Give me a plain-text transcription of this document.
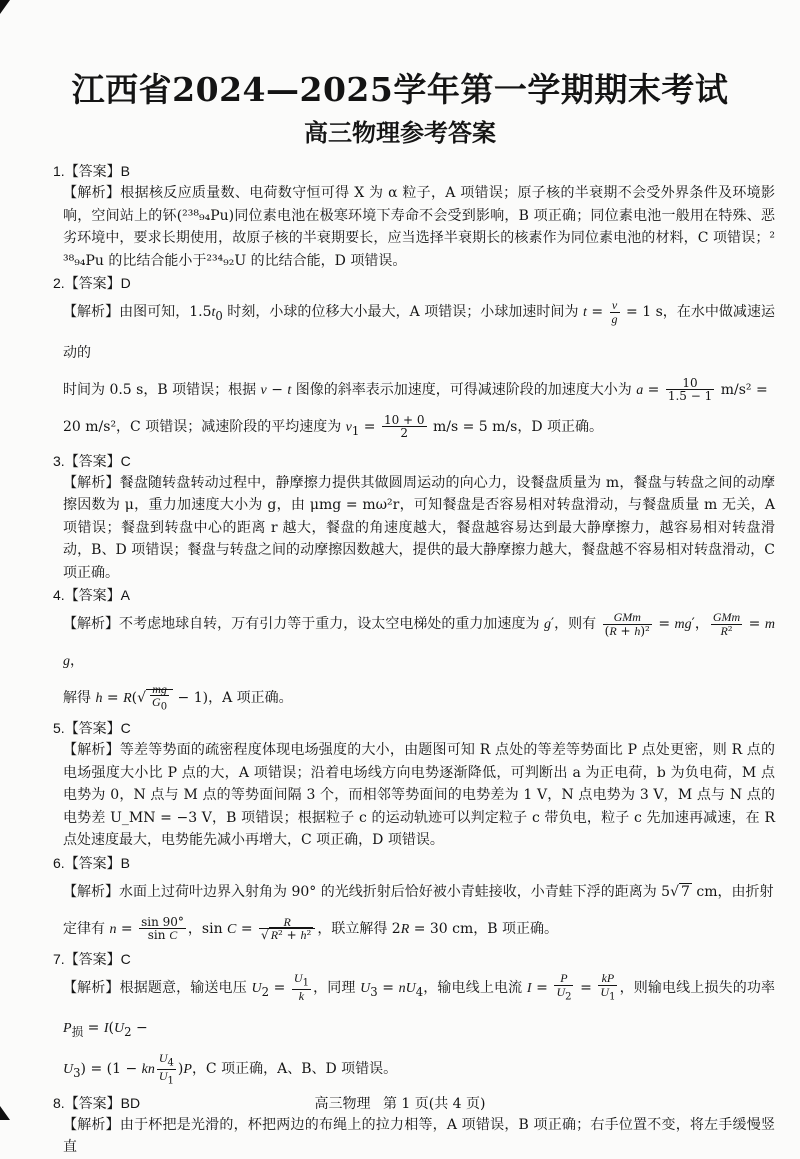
江西省2024—2025学年第一学期期末考试
高三物理参考答案
1.【答案】B
【解析】根据核反应质量数、电荷数守恒可得 X 为 α 粒子，A 项错误；原子核的半衰期不会受外界条件及环境影响，空间站上的钚(²³⁸₉₄Pu)同位素电池在极寒环境下寿命不会受到影响，B 项正确；同位素电池一般用在特殊、恶劣环境中，要求长期使用，故原子核的半衰期要长，应当选择半衰期长的核素作为同位素电池的材料，C 项错误；²³⁸₉₄Pu 的比结合能小于²³⁴₉₂U 的比结合能，D 项错误。
2.【答案】D

【解析】由图可知，$1.5t_0$ 时刻，小球的位移大小最大，A 项错误；小球加速时间为 $t = \frac{v}{g} = 1$ s，在水中做减速运动的

时间为 0.5 s，B 项错误；根据 v − t 图像的斜率表示加速度，可得减速阶段的加速度大小为 $a = \frac{10}{1.5 - 1} m/s^2$ =

20 m/s²，C 项错误；减速阶段的平均速度为 $v_1 = \frac{10 + 0}{2} m/s = 5$ m/s，D 项正确。

3.【答案】C
【解析】餐盘随转盘转动过程中，静摩擦力提供其做圆周运动的向心力，设餐盘质量为 m，餐盘与转盘之间的动摩擦因数为 μ，重力加速度大小为 g，由 μmg = mω²r，可知餐盘是否容易相对转盘滑动，与餐盘质量 m 无关，A 项错误；餐盘到转盘中心的距离 r 越大，餐盘的角速度越大，餐盘越容易达到最大静摩擦力，越容易相对转盘滑动，B、D 项错误；餐盘与转盘之间的动摩擦因数越大，提供的最大静摩擦力越大，餐盘越不容易相对转盘滑动，C 项正确。
4.【答案】A

【解析】不考虑地球自转，万有引力等于重力，设太空电梯处的重力加速度为 g′，则有 $\frac{\text{GMm}}{\text{(R + h)²}} = mg'$， $\frac{\text{GMm}}{\text{R²}}$ = mg，

解得 $h = R(√ \frac{mg}{G_0} - 1)$，A 项正确。

5.【答案】C
【解析】等差等势面的疏密程度体现电场强度的大小，由题图可知 R 点处的等差等势面比 P 点处更密，则 R 点的电场强度大小比 P 点的大，A 项错误；沿着电场线方向电势逐渐降低，可判断出 a 为正电荷，b 为负电荷，M 点电势为 0，N 点与 M 点的等势面间隔 3 个，而相邻等势面间的电势差为 1 V，N 点电势为 3 V，M 点与 N 点的电势差 U_MN = −3 V，B 项错误；根据粒子 c 的运动轨迹可以判定粒子 c 带负电，粒子 c 先加速再减速，在 R 点处速度最大，电势能先减小再增大，C 项正确，D 项错误。
6.【答案】B

【解析】水面上过荷叶边界入射角为 90° 的光线折射后恰好被小青蛙接收，小青蛙下浮的距离为 5√ 7 cm，由折射

定律有 $n = \frac{\sin 90^\circ}{\text{sin C}}$ ，$\sin C = \frac{R}{\text{√ R² + h²}}$ ，联立解得 2R = 30 cm，B 项正确。

7.【答案】C

【解析】根据题意，输送电压 $U_2 = \frac{U_1}{k}$ ，同理 $U_3 = nU_4$，输电线上电流 $I = \frac{P}{U_2} = \frac{kP}{U_1}$ ，则输电线上损失的功率 $P_损 = I(U_2$ −

$U_3) = (1$ − kn $\frac{U_4}{U_1} )P$，C 项正确，A、B、D 项错误。

8.【答案】BD
【解析】由于杯把是光滑的，杯把两边的布绳上的拉力相等，A 项错误，B 项正确；右手位置不变，将左手缓慢竖直
高三物理 第 1 页(共 4 页)
